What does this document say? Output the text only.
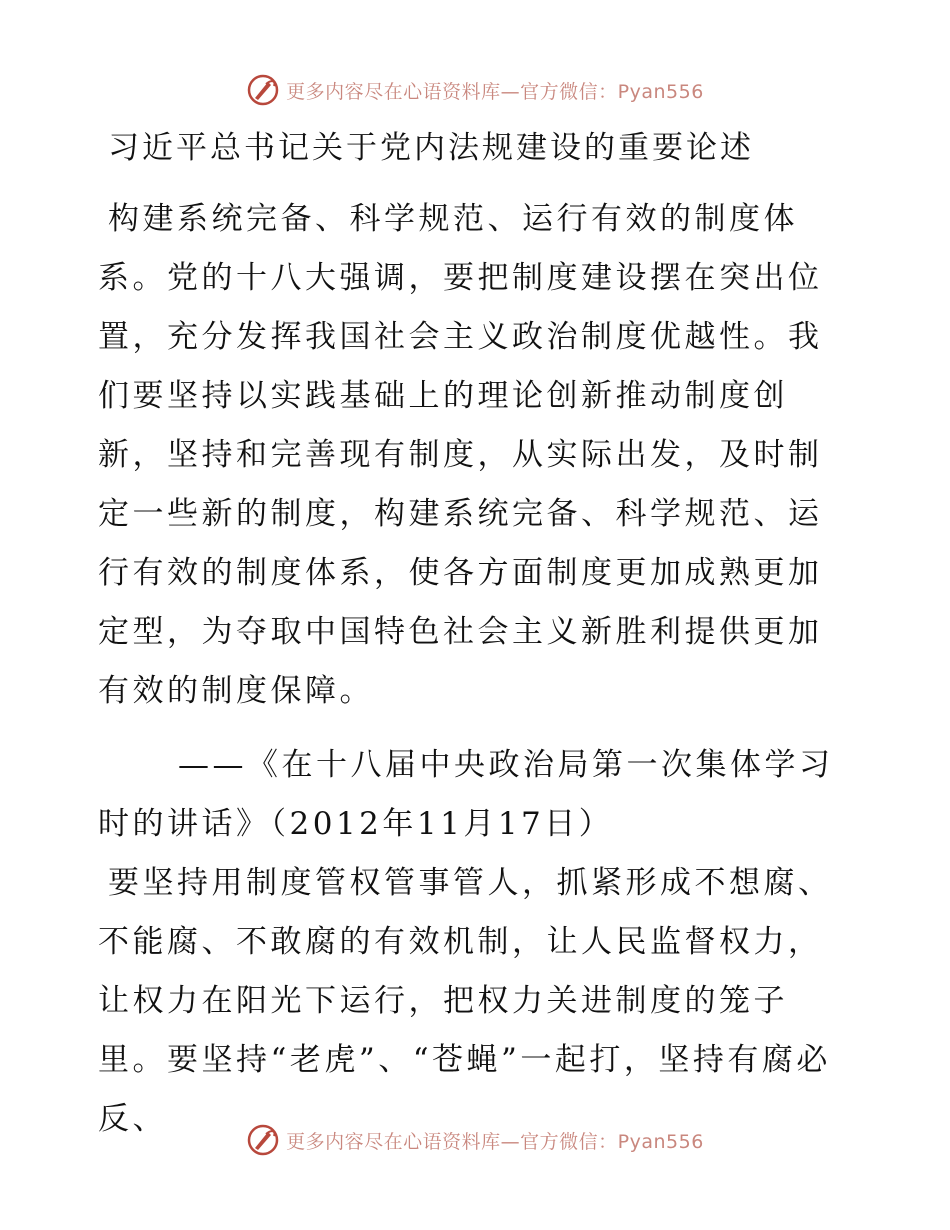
更多内容尽在心语资料库—官方微信：Pyan556
习近平总书记关于党内法规建设的重要论述
构建系统完备、科学规范、运行有效的制度体系。党的十八大强调，要把制度建设摆在突出位置，充分发挥我国社会主义政治制度优越性。我们要坚持以实践基础上的理论创新推动制度创新，坚持和完善现有制度，从实际出发，及时制定一些新的制度，构建系统完备、科学规范、运行有效的制度体系，使各方面制度更加成熟更加定型，为夺取中国特色社会主义新胜利提供更加有效的制度保障。
——《在十八届中央政治局第一次集体学习时的讲话》（2012年11月17日）
要坚持用制度管权管事管人，抓紧形成不想腐、不能腐、不敢腐的有效机制，让人民监督权力，让权力在阳光下运行，把权力关进制度的笼子里。要坚持“老虎”、“苍蝇”一起打，坚持有腐必反、
更多内容尽在心语资料库—官方微信：Pyan556
